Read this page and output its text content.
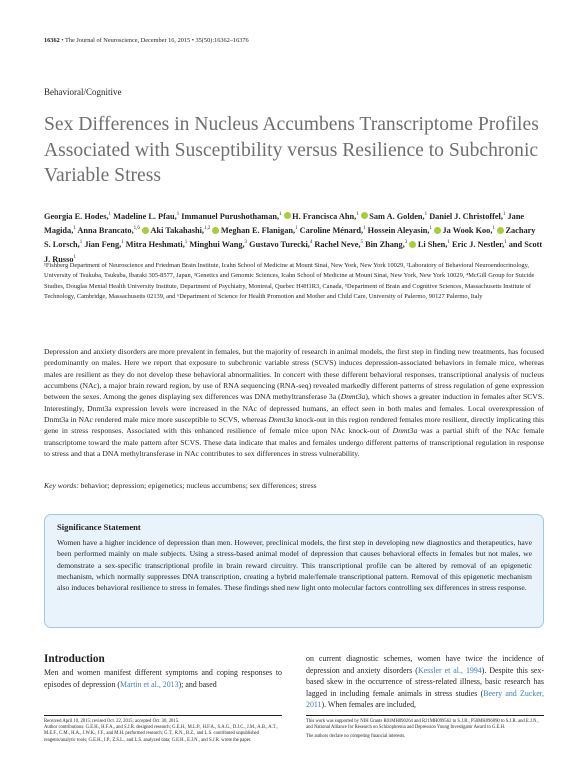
16362 • The Journal of Neuroscience, December 16, 2015 • 35(50):16362–16376
Behavioral/Cognitive
Sex Differences in Nucleus Accumbens Transcriptome Profiles Associated with Susceptibility versus Resilience to Subchronic Variable Stress
Georgia E. Hodes,$^1$ Madeline L. Pfau,$^1$ Immanuel Purushothaman,$^1$ H. Francisca Ahn,$^1$ Sam A. Golden,$^1$ Daniel J. Christoffel,$^1$ Jane Magida,$^1$ Anna Brancato,$^{1,6}$ Aki Takahashi,$^{1,2}$ Meghan E. Flanigan,$^1$ Caroline Ménard,$^1$ Hossein Aleyasin,$^1$ Ja Wook Koo,$^1$ Zachary S. Lorsch,$^1$ Jian Feng,$^1$ Mitra Heshmati,$^1$ Minghui Wang,$^3$ Gustavo Turecki,$^4$ Rachel Neve,$^5$ Bin Zhang,$^3$ Li Shen,$^1$ Eric J. Nestler,$^1$ and Scott J. Russo$^1$
¹Fishberg Department of Neuroscience and Friedman Brain Institute, Icahn School of Medicine at Mount Sinai, New York, New York 10029, ²Laboratory of Behavioral Neuroendocrinology, University of Tsukuba, Tsukuba, Ibaraki 305-8577, Japan, ³Genetics and Genomic Sciences, Icahn School of Medicine at Mount Sinai, New York, New York 10029, ⁴McGill Group for Suicide Studies, Douglas Mental Health University Institute, Department of Psychiatry, Montreal, Quebec H4H1R3, Canada, ⁵Department of Brain and Cognitive Sciences, Massachusetts Institute of Technology, Cambridge, Massachusetts 02139, and ⁶Department of Science for Health Promotion and Mother and Child Care, University of Palermo, 90127 Palermo, Italy
Depression and anxiety disorders are more prevalent in females, but the majority of research in animal models, the first step in finding new treatments, has focused predominantly on males. Here we report that exposure to subchronic variable stress (SCVS) induces depression-associated behaviors in female mice, whereas males are resilient as they do not develop these behavioral abnormalities. In concert with these different behavioral responses, transcriptional analysis of nucleus accumbens (NAc), a major brain reward region, by use of RNA sequencing (RNA-seq) revealed markedly different patterns of stress regulation of gene expression between the sexes. Among the genes displaying sex differences was DNA methyltransferase 3a (Dnmt3a), which shows a greater induction in females after SCVS. Interestingly, Dnmt3a expression levels were increased in the NAc of depressed humans, an effect seen in both males and females. Local overexpression of Dnmt3a in NAc rendered male mice more susceptible to SCVS, whereas Dnmt3a knock-out in this region rendered females more resilient, directly implicating this gene in stress responses. Associated with this enhanced resilience of female mice upon NAc knock-out of Dnmt3a was a partial shift of the NAc female transcriptome toward the male pattern after SCVS. These data indicate that males and females undergo different patterns of transcriptional regulation in response to stress and that a DNA methyltransferase in NAc contributes to sex differences in stress vulnerability.
Key words: behavior; depression; epigenetics; nucleus accumbens; sex differences; stress
Significance Statement
Women have a higher incidence of depression than men. However, preclinical models, the first step in developing new diagnostics and therapeutics, have been performed mainly on male subjects. Using a stress-based animal model of depression that causes behavioral effects in females but not males, we demonstrate a sex-specific transcriptional profile in brain reward circuitry. This transcriptional profile can be altered by removal of an epigenetic mechanism, which normally suppresses DNA transcription, creating a hybrid male/female transcriptional pattern. Removal of this epigenetic mechanism also induces behavioral resilience to stress in females. These findings shed new light onto molecular factors controlling sex differences in stress response.
Introduction
Men and women manifest different symptoms and coping responses to episodes of depression (Martin et al., 2013); and based
on current diagnostic schemes, women have twice the incidence of depression and anxiety disorders (Kessler et al., 1994). Despite this sex-based skew in the occurrence of stress-related illness, basic research has lagged in including female animals in stress studies (Beery and Zucker, 2011). When females are included,
Received April 10, 2015; revised Oct. 22, 2015; accepted Oct. 30, 2015.
Author contributions: G.E.H., H.F.A., and S.J.R. designed research; G.E.H., M.L.P., H.F.A., S.A.G., D.J.C., J.M., A.B., A.T., M.E.F., C.M., H.A., J.W.K., J.F., and M.H. performed research; G.T., R.N., B.Z., and L.S. contributed unpublished reagents/analytic tools; G.E.H., I.P., Z.S.L., and L.S. analyzed data; G.E.H., E.J.N., and S.J.R. wrote the paper.
This work was supported by NIH Grants R01MH090264 and R21MH099562 to S.J.R., P50MH096890 to S.J.R. and E.J.N., and National Alliance for Research on Schizophrenia and Depression Young Investigator Award to G.E.H.
The authors declare no competing financial interests.
